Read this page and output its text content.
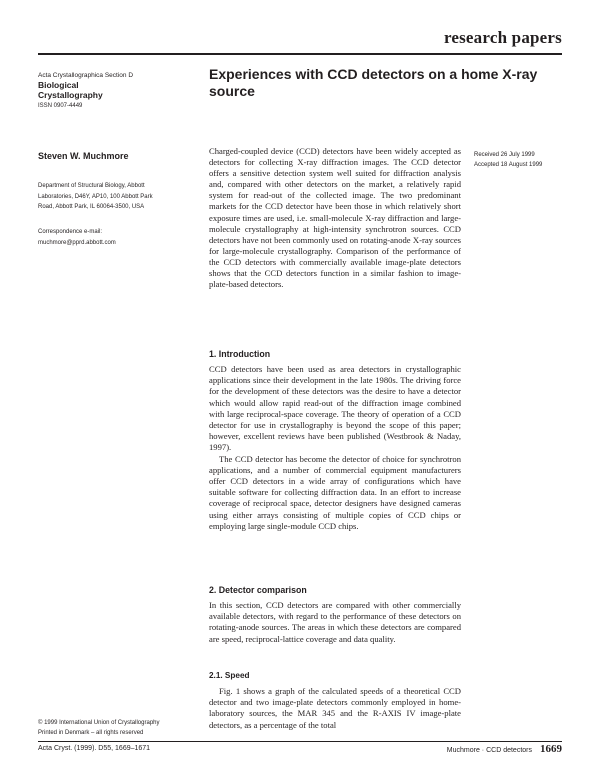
research papers
Acta Crystallographica Section D
Biological
Crystallography
ISSN 0907-4449
Experiences with CCD detectors on a home X-ray
source
Steven W. Muchmore
Department of Structural Biology, Abbott
Laboratories, D46Y, AP10, 100 Abbott Park
Road, Abbott Park, IL 60064-3500, USA
Correspondence e-mail:
muchmore@pprd.abbott.com
Received 26 July 1999
Accepted 18 August 1999

Charged-coupled device (CCD) detectors have been widely accepted as detectors for collecting X-ray diffraction images. The CCD detector offers a sensitive detection system well suited for diffraction analysis and, compared with other detectors on the market, a relatively rapid system for read-out of the collected image. The two predominant markets for the CCD detector have been those in which relatively short exposure times are used, i.e. small-molecule X-ray diffraction and large-molecule crystallography at high-intensity synchrotron sources. CCD detectors have not been commonly used on rotating-anode X-ray sources for large-molecule crystallography. Comparison of the performance of the CCD detectors with commercially available image-plate detectors shows that the CCD detectors function in a similar fashion to image-plate-based detectors.

1. Introduction

CCD detectors have been used as area detectors in crystallographic applications since their development in the late 1980s. The driving force for the development of these detectors was the desire to have a detector which would allow rapid read-out of the diffraction image combined with large reciprocal-space coverage. The theory of operation of a CCD detector for use in crystallography is beyond the scope of this paper; however, excellent reviews have been published (Westbrook & Naday, 1997).

The CCD detector has become the detector of choice for synchrotron applications, and a number of commercial equipment manufacturers offer CCD detectors in a wide array of configurations which have suitable software for collecting diffraction data. In an effort to increase coverage of reciprocal space, detector designers have designed cameras using either arrays consisting of multiple copies of CCD chips or employing large single-module CCD chips.

2. Detector comparison

In this section, CCD detectors are compared with other commercially available detectors, with regard to the performance of these detectors on rotating-anode sources. The areas in which these detectors are compared are speed, reciprocal-lattice coverage and data quality.

2.1. Speed

Fig. 1 shows a graph of the calculated speeds of a theoretical CCD detector and two image-plate detectors commonly employed in home-laboratory sources, the MAR 345 and the R-AXIS IV image-plate detectors, as a percentage of the total

© 1999 International Union of Crystallography
Printed in Denmark – all rights reserved
Acta Cryst. (1999). D55, 1669–1671	Muchmore · CCD detectors 1669
